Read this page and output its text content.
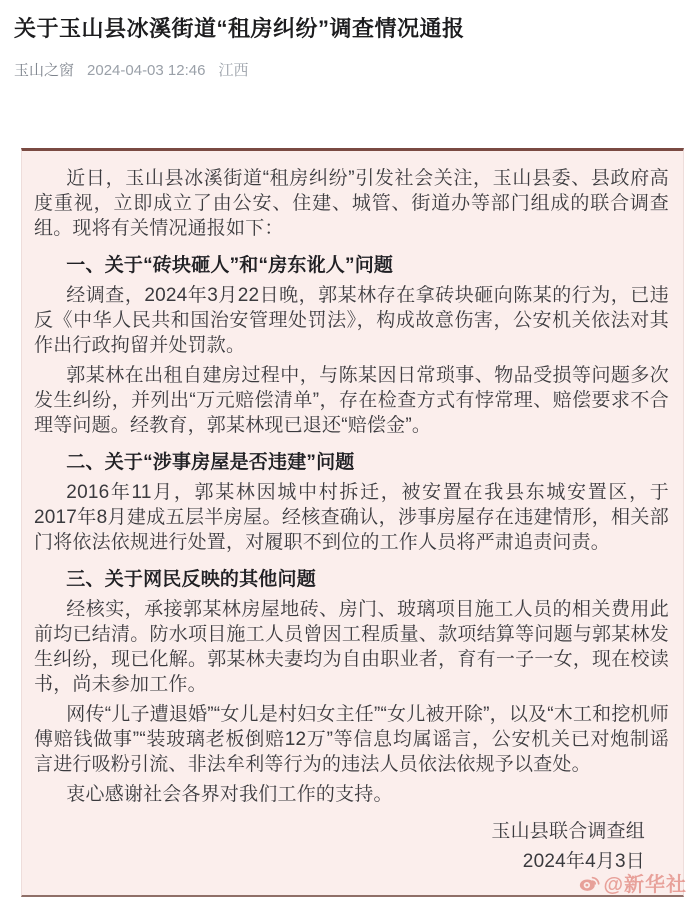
关于玉山县冰溪街道“租房纠纷”调查情况通报
玉山之窗 2024-04-03 12:46 江西
近日，玉山县冰溪街道“租房纠纷”引发社会关注，玉山县委、县政府高度重视，立即成立了由公安、住建、城管、街道办等部门组成的联合调查组。现将有关情况通报如下：
一、关于“砖块砸人”和“房东讹人”问题
经调查，2024年3月22日晚，郭某林存在拿砖块砸向陈某的行为，已违反《中华人民共和国治安管理处罚法》，构成故意伤害，公安机关依法对其作出行政拘留并处罚款。
郭某林在出租自建房过程中，与陈某因日常琐事、物品受损等问题多次发生纠纷，并列出“万元赔偿清单”，存在检查方式有悖常理、赔偿要求不合理等问题。经教育，郭某林现已退还“赔偿金”。
二、关于“涉事房屋是否违建”问题
2016年11月，郭某林因城中村拆迁，被安置在我县东城安置区，于2017年8月建成五层半房屋。经核查确认，涉事房屋存在违建情形，相关部门将依法依规进行处置，对履职不到位的工作人员将严肃追责问责。
三、关于网民反映的其他问题
经核实，承接郭某林房屋地砖、房门、玻璃项目施工人员的相关费用此前均已结清。防水项目施工人员曾因工程质量、款项结算等问题与郭某林发生纠纷，现已化解。郭某林夫妻均为自由职业者，育有一子一女，现在校读书，尚未参加工作。
网传“儿子遭退婚”“女儿是村妇女主任”“女儿被开除”，以及“木工和挖机师傅赔钱做事”“装玻璃老板倒赔12万”等信息均属谣言，公安机关已对炮制谣言进行吸粉引流、非法牟利等行为的违法人员依法依规予以查处。
衷心感谢社会各界对我们工作的支持。
玉山县联合调查组
2024年4月3日
@新华社
